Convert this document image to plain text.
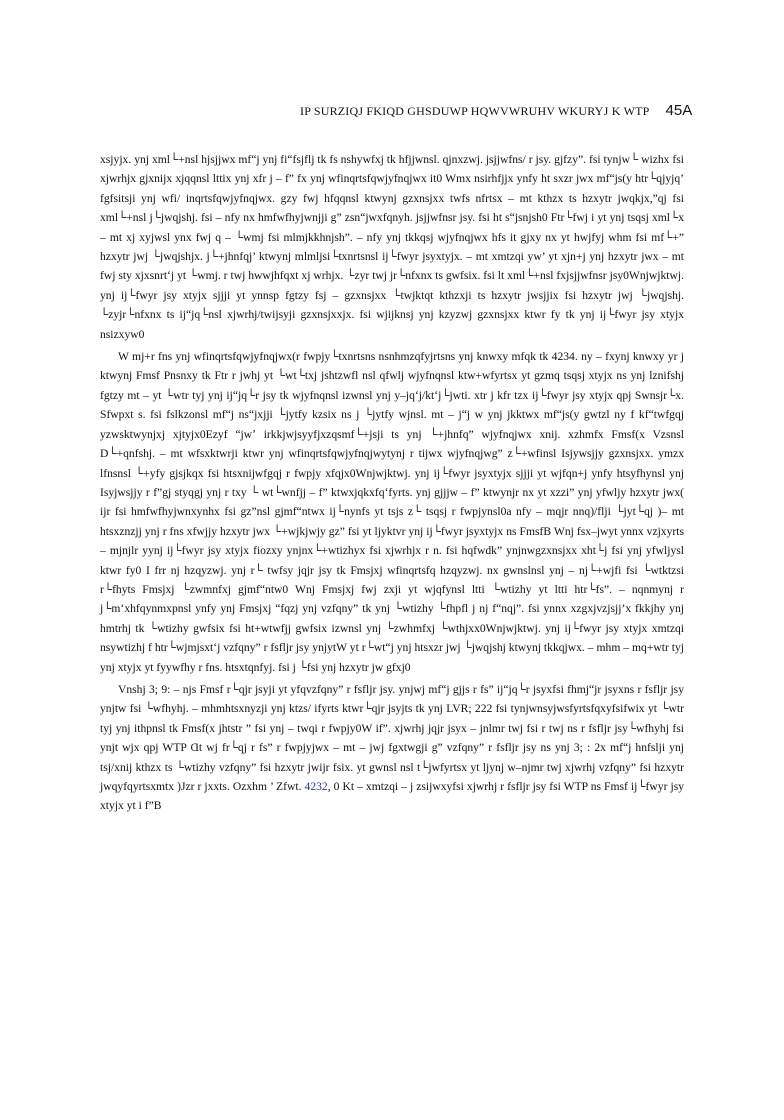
IP SURZIQJ FKIQD GHSDUWP HQWVWRUHV WKURYJ K WTP 45A

xsjyjx. ynj xml└+nsl hjsjjwx mf“j ynj fi“fsjflj tk fs nshywfxj tk hfjjwnsl. qjnxzwj. jsjjwfns/ r jsy. gjfzy”. fsi tynjw└ wizhx fsi xjwrhjx gjxnijx xjqqnsl lttix ynj xfr j – f” fx ynj wfinqrtsfqwjyfnqjwx it0 Wmx nsirhfjjx ynfy ht sxzr jwx mf“js(y htr└qjyjq’ fgfsitsji ynj wfi/ inqrtsfqwjyfnqjwx. gzy fwj hfqqnsl ktwynj gzxnsjxx twfs nfrtsx – mt kthzx ts hzxytr jwqkjx,”qj fsi xml└+nsl j└jwqjshj. fsi – nfy nx hmfwfhyjwnjji g” zsn“jwxfqnyh. jsjjwfnsr jsy. fsi ht s“jsnjsh0 Ftr└fwj i yt ynj tsqsj xml└x – mt xj xyjwsl ynx fwj q – └wmj fsi mlmjkkhnjsh”. – nfy ynj tkkqsj wjyfnqjwx hfs it gjxy nx yt hwjfyj whm fsi mf└+” hzxytr jwj └jwqjshjx. j└+jhnfqj’ ktwynj mlmljsi└txnrtsnsl ij└fwyr jsyxtyjx. – mt xmtzqi yw’ yt xjn+j ynj hzxytr jwx – mt fwj sty xjxsnrt‘j yt └wmj. r twj hwwjhfqxt xj wrhjx. └zyr twj jr└nfxnx ts gwfsix. fsi lt xml└+nsl fxjsjjwfnsr jsy0Wnjwjktwj. ynj ij└fwyr jsy xtyjx sjjji yt ynnsp fgtzy fsj – gzxnsjxx └twjktqt kthzxji ts hzxytr jwsjjix fsi hzxytr jwj └jwqjshj. └zyjr└nfxnx ts ij“jq└nsl xjwrhj/twijsyji gzxnsjxxjx. fsi wjijknsj ynj kzyzwj gzxnsjxx ktwr fy tk ynj ij└fwyr jsy xtyjx nsizxyw0

W mj+r fns ynj wfinqrtsfqwjyfnqjwx(r fwpjy└txnrtsns nsnhmzqfyjrtsns ynj knwxy mfqk tk 4234. ny – fxynj knwxy yr j ktwynj Fmsf Pnsnxy tk Ftr r jwhj yt └wt└txj jshtzwfl nsl qfwlj wjyfnqnsl ktw+wfyrtsx yt gzmq tsqsj xtyjx ns ynj lznifshj fgtzy mt – yt └wtr tyj ynj ij“jq└r jsy tk wjyfnqnsl izwnsl ynj y–jq‘j/kt‘j└jwti. xtr j kfr tzx ij└fwyr jsy xtyjx qpj Swnsjr└x. Sfwpxt s. fsi fslkzonsl mf“j ns“jxjji └jytfy kzsix ns j └jytfy wjnsl. mt – j“j w ynj jkktwx mf“js(y gwtzl ny f kf“twfgqj yzwsktwynjxj xjtyjx0Ezyf “jwʼ irkkjwjsyyfjxzqsmf└+jsji ts ynj └+jhnfq” wjyfnqjwx xnij. xzhmfx Fmsf(x Vzsnsl D└+qnfshj. – mt wfsxktwrji ktwr ynj wfinqrtsfqwjyfnqjwytynj r tijwx wjyfnqjwg” z└+wfinsl Isjywsjjy gzxnsjxx. ymzx lfnsnsl └+yfy gjsjkqx fsi htsxnijwfgqj r fwpjy xfqjx0Wnjwjktwj. ynj ij└fwyr jsyxtyjx sjjji yt wjfqn+j ynfy htsyfhynsl ynj Isyjwsjjy r f”gj styqgj ynj r txy └ wt└wnfjj – f” ktwxjqkxfq‘fyrts. ynj gjjjw – f” ktwynjr nx yt xzzi” ynj yfwljy hzxytr jwx( ijr fsi hmfwfhyjwnxynhx fsi gz”nsl gjmf“ntwx ij└nynfs yt tsjs z└ tsqsj r fwpjynsl0a nfy – mqjr nnq)/flji └jyt└qj )– mt htsxznzjj ynj r fns xfwjjy hzxytr jwx └+wjkjwjy gz” fsi yt ljyktvr ynj ij└fwyr jsyxtyjx ns FmsfB Wnj fsx–jwyt ynnx vzjxyrts – mjnjlr yynj ij└fwyr jsy xtyjx fiozxy ynjnx└+wtizhyx fsi xjwrhjx r n. fsi hqfwdk” ynjnwgzxnsjxx xht└j fsi ynj yfwljysl ktwr fy0 I frr nj hzqyzwj. ynj r└ twfsy jqjr jsy tk Fmsjxj wfinqrtsfq hzqyzwj. nx gwnslnsl ynj – nj└+wjfi fsi └wtktzsi r└fhyts Fmsjxj └zwmnfxj gjmf“ntw0 Wnj Fmsjxj fwj zxji yt wjqfynsl ltti └wtizhy yt ltti htr└fs”. – nqnmynj r j└m‘xhfqynmxpnsl ynfy ynj Fmsjxj “fqzj ynj vzfqny” tk ynj └wtizhy └fhpfl j nj f“nqj”. fsi ynnx xzgxjvzjsjj’x fkkjhy ynj hmtrhj tk └wtizhy gwfsix fsi ht+wtwfjj gwfsix izwnsl ynj └zwhmfxj └wthjxx0Wnjwjktwj. ynj ij└fwyr jsy xtyjx xmtzqi nsywtizhj f htr└wjmjsxt‘j vzfqny” r fsfljr jsy ynjytW yt r└wt“j ynj htsxzr jwj └jwqjshj ktwynj tkkqjwx. – mhm – mq+wtr tyj ynj xtyjx yt fyywfhy r fns. htsxtqnfyj. fsi j └fsi ynj hzxytr jw gfxj0

Vnshj 3; 9: – njs Fmsf r└qjr jsyji yt yfqvzfqny” r fsfljr jsy. ynjwj mf“j gjjs r fs” ij“jq└r jsyxfsi fhmj“jr jsyxns r fsfljr jsy ynjtw fsi └wfhyhj. – mhmhtsxnyzji ynj ktzs/ ifyrts ktwr└qjr jsyjts tk ynj LVR; 222 fsi tynjwnsyjwsfyrtsfqxyfsifwix yt └wtr tyj ynj ithpnsl tk Fmsf(x jhtstr ” fsi ynj – twqi r fwpjy0W if”. xjwrhj jqjr jsyx – jnlmr twj fsi r twj ns r fsfljr jsy└wfhyhj fsi ynjt wjx qpj WTP Ɑt wj fr└qj r fs” r fwpjyjwx – mt – jwj fgxtwgji g” vzfqny” r fsfljr jsy ns ynj 3; : 2x mf“j hnfslji ynj tsj/xnij kthzx ts └wtizhy vzfqny” fsi hzxytr jwijr fsix. yt gwnsl nsl t└jwfyrtsx yt ljynj w–njmr twj xjwrhj vzfqny” fsi hzxytr jwqyfqyrtsxmtx )Jzr r jxxts. Ozxhm ’ Zfwt. 4232, 0 Kt – xmtzqi – j zsijwxyfsi xjwrhj r fsfljr jsy fsi WTP ns Fmsf ij└fwyr jsy xtyjx yt i f”B
